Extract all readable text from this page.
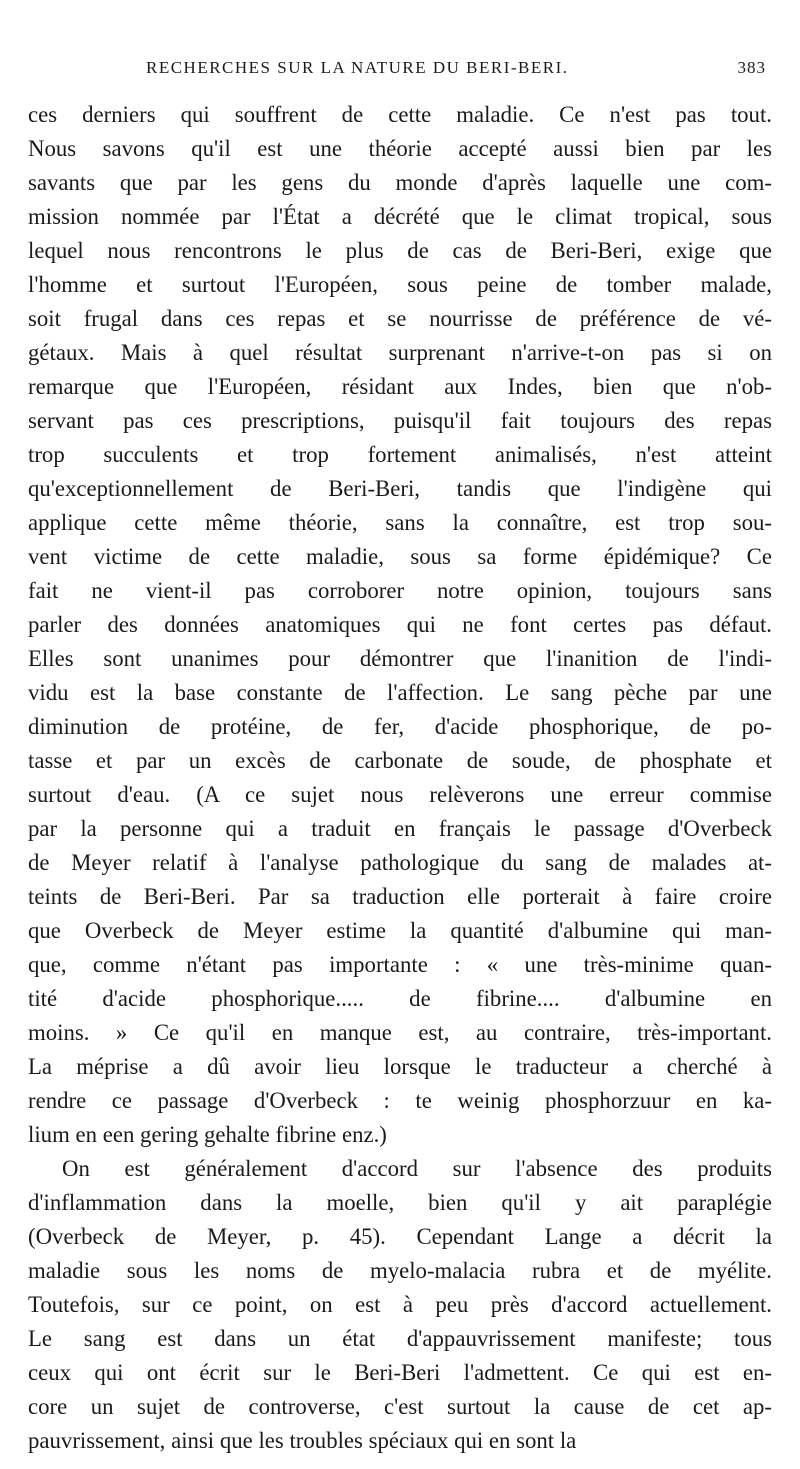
RECHERCHES SUR LA NATURE DU BERI-BERI.	383

ces derniers qui souffrent de cette maladie. Ce n'est pas tout.
Nous savons qu'il est une théorie accepté aussi bien par les
savants que par les gens du monde d'après laquelle une com-
mission nommée par l'État a décrété que le climat tropical, sous
lequel nous rencontrons le plus de cas de Beri-Beri, exige que
l'homme et surtout l'Européen, sous peine de tomber malade,
soit frugal dans ces repas et se nourrisse de préférence de vé-
gétaux. Mais à quel résultat surprenant n'arrive-t-on pas si on
remarque que l'Européen, résidant aux Indes, bien que n'ob-
servant pas ces prescriptions, puisqu'il fait toujours des repas
trop succulents et trop fortement animalisés, n'est atteint
qu'exceptionnellement de Beri-Beri, tandis que l'indigène qui
applique cette même théorie, sans la connaître, est trop sou-
vent victime de cette maladie, sous sa forme épidémique? Ce
fait ne vient-il pas corroborer notre opinion, toujours sans
parler des données anatomiques qui ne font certes pas défaut.
Elles sont unanimes pour démontrer que l'inanition de l'indi-
vidu est la base constante de l'affection. Le sang pèche par une
diminution de protéine, de fer, d'acide phosphorique, de po-
tasse et par un excès de carbonate de soude, de phosphate et
surtout d'eau. (A ce sujet nous relèverons une erreur commise
par la personne qui a traduit en français le passage d'Overbeck
de Meyer relatif à l'analyse pathologique du sang de malades at-
teints de Beri-Beri. Par sa traduction elle porterait à faire croire
que Overbeck de Meyer estime la quantité d'albumine qui man-
que, comme n'étant pas importante : « une très-minime quan-
tité d'acide phosphorique..... de fibrine.... d'albumine en
moins. » Ce qu'il en manque est, au contraire, très-important.
La méprise a dû avoir lieu lorsque le traducteur a cherché à
rendre ce passage d'Overbeck : te weinig phosphorzuur en ka-
lium en een gering gehalte fibrine enz.)

On est généralement d'accord sur l'absence des produits
d'inflammation dans la moelle, bien qu'il y ait paraplégie
(Overbeck de Meyer, p. 45). Cependant Lange a décrit la
maladie sous les noms de myelo-malacia rubra et de myélite.
Toutefois, sur ce point, on est à peu près d'accord actuellement.
Le sang est dans un état d'appauvrissement manifeste; tous
ceux qui ont écrit sur le Beri-Beri l'admettent. Ce qui est en-
core un sujet de controverse, c'est surtout la cause de cet ap-
pauvrissement, ainsi que les troubles spéciaux qui en sont la
